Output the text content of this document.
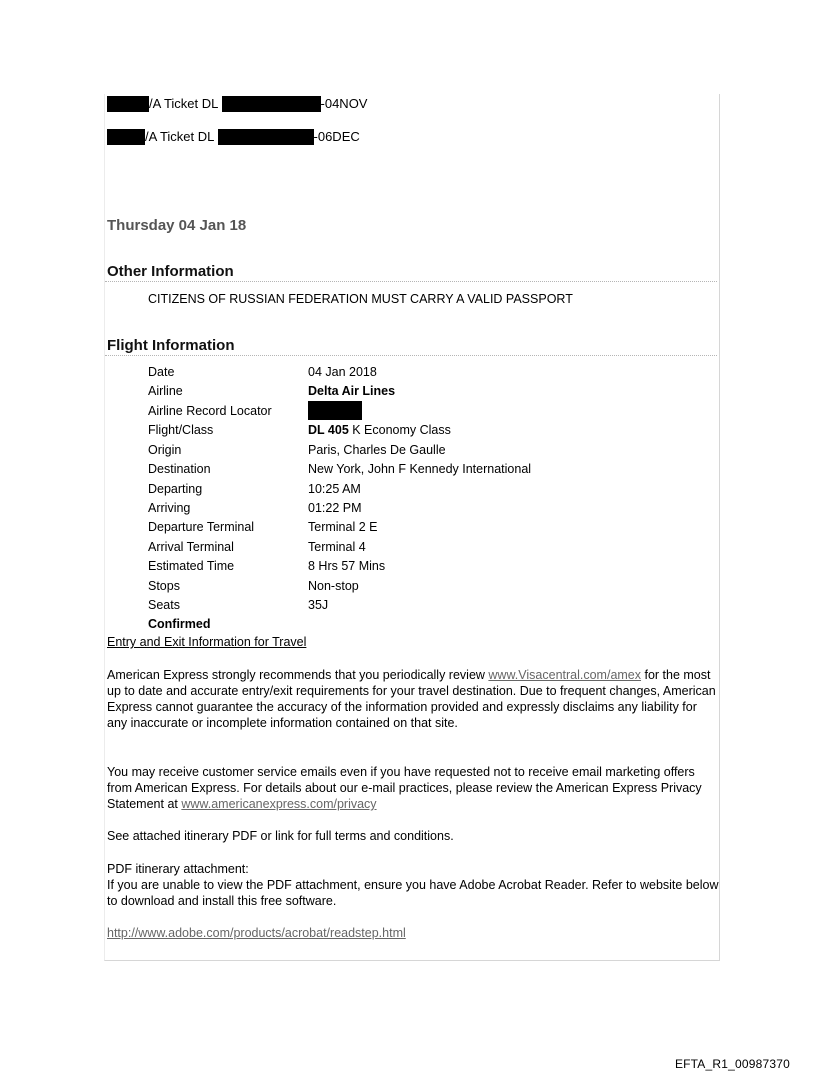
/A Ticket DL	-04NOV
/A Ticket DL	-06DEC
Thursday 04 Jan 18
Other Information
CITIZENS OF RUSSIAN FEDERATION MUST CARRY A VALID PASSPORT
Flight Information
Date	04 Jan 2018
Airline	Delta Air Lines
Airline Record Locator
Flight/Class	DL 405 K Economy Class
Origin	Paris, Charles De Gaulle
Destination	New York, John F Kennedy International
Departing	10:25 AM
Arriving	01:22 PM
Departure Terminal	Terminal 2 E
Arrival Terminal	Terminal 4
Estimated Time	8 Hrs 57 Mins
Stops	Non-stop
Seats	35J
Confirmed
Entry and Exit Information for Travel
American Express strongly recommends that you periodically review www.Visacentral.com/amex for the most up to date and accurate entry/exit requirements for your travel destination. Due to frequent changes, American Express cannot guarantee the accuracy of the information provided and expressly disclaims any liability for any inaccurate or incomplete information contained on that site.
You may receive customer service emails even if you have requested not to receive email marketing offers from American Express. For details about our e-mail practices, please review the American Express Privacy Statement at www.americanexpress.com/privacy
See attached itinerary PDF or link for full terms and conditions.
PDF itinerary attachment:
If you are unable to view the PDF attachment, ensure you have Adobe Acrobat Reader. Refer to website below to download and install this free software.
http://www.adobe.com/products/acrobat/readstep.html
EFTA_R1_00987370
